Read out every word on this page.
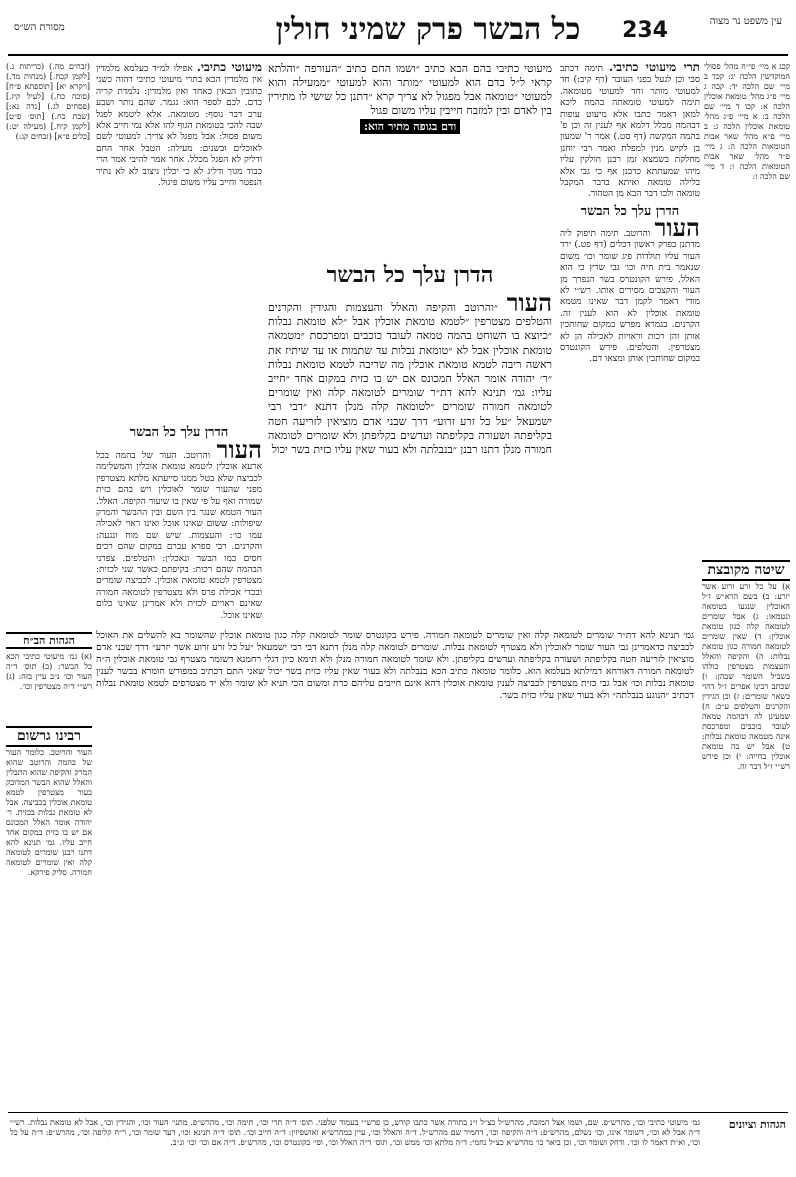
עין משפט נר מצוה
234
כל הבשר פרק שמיני חולין
מסורת הש״ס

(זבחים מה.) (כריתות ג.) [לקמן קכח.] (מנחות מד.) [ויקרא יא] [תוספתא פ״ח] (סוכה כח.) [לעיל קיז.] (פסחים לג.) [נדה נא:] (שבת כח.) [תוס׳ פ״ט] [לקמן קיח.] (מעילה יט:) [כלים פ״א] (זבחים קג:)

קכג א מיי׳ פי״ח מהל׳ פסולי המוקדשין הלכה יג: קכד ב מיי׳ שם הלכה יד: קכה ג מיי׳ פ״ג מהל׳ טומאת אוכלין הלכה א: קכו ד מיי׳ שם הלכה ב: א מיי׳ פ״ג מהל׳ טומאת אוכלין הלכה ג: ב מיי׳ פ״א מהל׳ שאר אבות הטומאות הלכה ה: ג מיי׳ פ״ד מהל׳ שאר אבות הטומאות הלכה ו: ד מיי׳ שם הלכה ז:

תרי מיעוטי כתיבי. תימה דכתב סבי וכן לגעל בפני העובר (דף קיב:) חד למעוטי מותר וחד למעוטי מטומאה. תימה למעוטי טומאתה בהמה ליכא למאן דאמר כתבו אלא מיעוט עופות דבהמה מכלל דלמא אף לענין זה וכן פ' בהמה המקשה (דף סט.) אמר ר' שמעון בן לקיש מנין למפלת ואמר רבי יוחנן מחלקת בשמצא זמן רבנן חולקין עליו מיהו שמעתתא כרבנן אף כי גבי אלא בלילה טומאה ואיתא בדבר המקבל טומאה ולכו דבר הבא מן הטהור.

הדרן עלך כל הבשר

העור והרוטב. תימה תיפוק ליה מדתנן בפרק ראשון דכלים (דף פט.) ירד העור עליו תולדות פיג שומר וכו׳ משום שנאמר בית חיה וכו׳ גבי שרץ כי הוא האלל. פירש הקונטרס בשר הנפרך מן העור והקצבים מסירים אותו. רש״י לא מודי דאמר לקמן דבר שאינו מטמא טומאת אוכלין לא הוא לענין זה. הקרנים. בגמרא מפרש במקום שחותכין אותן והן רכות וראויות לאכילה הן לא מצטרפין. והטלפים. פירש הקונטרס במקום שחותכין אותן ומצאו דם.

מיעוטי כתיבי בהם הכא כתיב ״ושמו החם כתיב ״העורפה ״והלתא קראי ל״ל בדם הוא למעוטי ״מותר והוא למעוטי ״ממעילה והוא למעוטי ״טומאה אבל מפגול לא צריך קרא ״דתנן כל שישי לו מתירין בין לאדם ובין למזבח חייבין עליו משום פגול

ודם בגופה מתיר הוא:

הדרן עלך כל הבשר

העור ״והרוטב והקיפה והאלל והעצמות והגידין והקרנים והטלפים מצטרפין ״לטמא טומאת אוכלין אבל ״לא טומאת נבלות ״כיוצא בו השוחט בהמה טמאה לעובד כוכבים ומפרכסת ״מטמאה טומאת אוכלין אבל לא ״טומאת נבלות עד שתמות או עד שיתיז את ראשה ריבה לטמא טומאת אוכלין מה שריבה לטמא טומאת נבלות ״ר׳ יהודה אומר האלל המכונס אם יש בו כזית במקום אחד ״חייב עליו: גמ׳ תנינא להא דת״ר שומרים לטומאה קלה ואין שומרים לטומאה חמורה שומרים ״לטומאה קלה מנלן דתנא ״דבי רבי ישמעאל ״על כל זרע זרוע״ דרך שבני אדם מוציאין לזריעה חטה בקליפתה ושעורה בקליפתה ועדשים בקליפתן ולא שומרים לטומאה חמורה מנלן דתנו רבנן ״בנבלתה ולא בעור שאין עליו כזית בשר יכול

מיעוטי כתיבי. אפילו למ״ד בעלמא מלמדין אין מלמדין הכא בתרי מיעוטי כתיבי דהוה כשני כתובין הבאין כאחד ואין מלמדין: נלמדת קריה כדם. לכם לספר הוא: נגמר. שהם נותר ושבע ערב דבר נוסף: מטומאה. אלא ליטמא לפגל שבה להכי בטומאת הגוף להו אלא נמי חייב אלא משום פסול: אבל מפגל לא צריך. למעוטי לשם לאוכלים ובשנים: מעילה: הטבל אחר החם ודליק לא הפגל מכלל. אחר אמר להיבי אמר הרי כבוד מגוך ודליג לא כי יכלין ניצוב לא לא נתיר הנפטר וחייב עליו משום פיגול.

הדרן עלך כל הבשר

העור והרוטב. העור של בהמה בכל ארעא אוכלין ליטמא טומאת אוכלין והמשלימה לכביצה שלא בטל ממנו סייעתא מלתא מצטרפין מפני שהעור שומר לאוכלין ויש בהם כזית שמורה ואף על פי שאין בו שיעור הקיפה. האלל. העור הטמא שנגר בין השם ובין ההבשר והמרק שיפולות: ששום שאינו אוכל ואינו ראוי לאכילה עמו כו׳: והעצמות. שיש שם מוח ונגעה: והקרנים. רבי ספרא עברם במקום שהם רכים חסים כמו הבשר ונאכלין: והטלפים. צפרני הבהמה שהם רכות: בקיפתם כאשר שני לכזית: מצטרפין לטמא טומאת אוכלין. לכביצה שומרים ובכדי אכילת פרס ולא מצטרפין לטומאה חמורה שאינם ראויים לכזית ולא אמרינן שאינו כלום שאינו אוכל.

שיטה מקובצת

א) על כל זרע זרוע אשר יזרע: ב) בשם הרא״ש ז״ל האוכלין שנגעו בטומאה ונטמאו: ג) אבל שומרים לטומאה קלה כגון טומאת אוכלין: ד) שאין שומרים לטומאה חמורה כגון טומאת נבלות: ה) והקיפה והאלל והעצמות מצטרפין כולהו בשביל השומר שבהן: ו) שכתב רבינו אפרים ז״ל דהוי כשאר שומרים: ז) וכן הגידין והקרנים והטלפים ע״כ: ח) שמעינן לה דבהמה טמאה לעובד כוכבים ומפרכסת אינה מטמאה טומאת נבלות: ט) אבל יש בה טומאת אוכלין בחייה: י) וכן פירש רש״י ז״ל דבר זה.

הגהות הב״ח

(א) גמ׳ מיעוטי כתיבי הכא כל הבשר: (ב) תוס׳ ד״ה העור וכו׳ נ״ב עיין בזה: (ג) רש״י ד״ה מצטרפין וכו׳.

רבינו גרשום

העור והרוטב. כלומר העור של בהמה והרוטב שהוא המרק והקיפה שהוא התבלין והאלל שהוא הבשר המדובק בעור מצטרפין לטמא טומאת אוכלין בכביצה. אבל לא טומאת נבלות בכזית. ר׳ יהודה אומר האלל המכונס אם יש בו כזית במקום אחד חייב עליו. גמ׳ תנינא להא דתנו רבנן שומרים לטומאה קלה ואין שומרים לטומאה חמורה. סליק פירקא.

גמ׳ תנינא להא דת״ר שומרים לטומאה קלה ואין שומרים לטומאה חמורה. פירש בקונטרס שומר לטומאה קלה כגון טומאת אוכלין שהשומר בא להשלים את האוכל לכביצה כדאמרינן גבי העור שומר לאוכלין ולא מצטרף לטומאת נבלות. שומרים לטומאה קלה מנלן דתנא דבי רבי ישמעאל ״על כל זרע זרוע אשר יזרע״ דרך שבני אדם מוציאין לזריעה חטה בקליפתה ושעורה בקליפתה ועדשים בקליפתן. ולא שומר לטומאה חמורה מנלן ולא תימא כיון דגלי רחמנא דשומר מצטרף גבי טומאת אוכלין ה״ה לטומאה חמורה דאורחא דמילתא בעלמא הוא. כלומר טומאה כתיב הכא בנבלתה ולא בעור שאין עליו כזית בשר יכול שאני התם דכתיב במפורש חומרא בבשר לענין טומאת נבלות וכו׳ אבל גבי כזית מצטרפין לכביצה לענין טומאת אוכלין דהא אינם חייבים עליהם כרת ומשום הכי תניא לא שומר ולא יד מצטרפים לטמא טומאת נבלות דכתיב ״הנוגע בנבלתה״ ולא בעור שאין עליו כזית בשר.

הגהות וציונים

גמ׳ מיעוטי כתיבי וכו׳, מהרש״פ. שם, ושמו אצל המזבח, מהרש״ל כצ״ל ו״נ בתורה אשר כתבו קודש, כן פרש״י בעמוד שלפני. תוס׳ ד״ה תרי וכו׳, תימה וכו׳, מהרש״פ. מתני׳ העור וכו׳, והגידין וכו׳, אבל לא טומאת נבלות. רש״י ד״ה אבל לא וכו׳, דשומר אינו, וכו׳ נשלם, מהרש״פ: ד״ה והקיפה וכו׳, דחמיר שם מהרש״ל. ד״ה והאלל וכו׳, עיין במהרש״א ואושפיזין: ד״ה חייב וכו׳. תוס׳ ד״ה תנינא וכו׳, דעד שומר וכו׳, ר״ח קליפה וכו׳, מהרש״פ: ד״ה על כל וכו׳, וא״ת דאמר לו וכו׳. ודחק ושומר וכו׳, וכן ביאר כו׳ מהרש״א כצ״ל נחמי: ד״ה מלתא וכו׳ ממש וכו׳, תוס׳ ד״ה האלל וכו׳, ופי׳ בקונטרס וכו׳, מהרש״פ. ד״ה אם וכו׳ וכו׳ ונ״ב.
